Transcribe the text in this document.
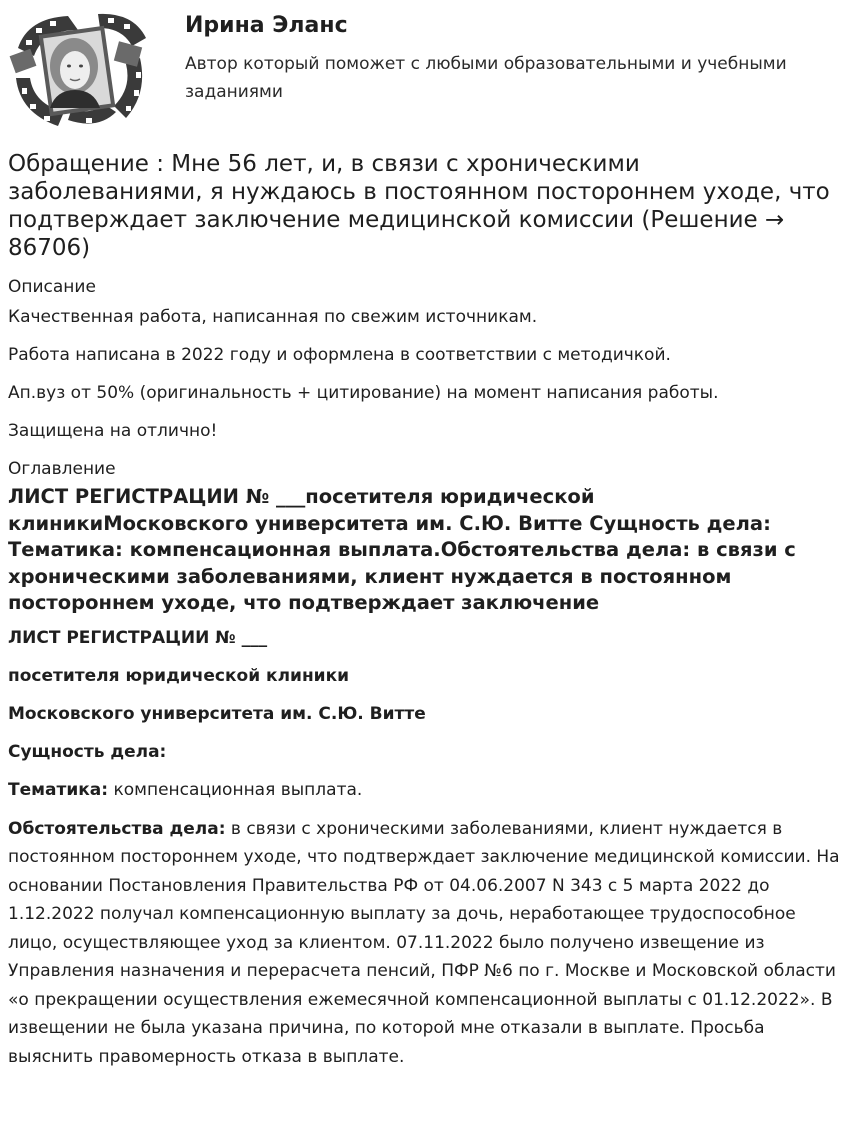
Ирина Эланс
Автор который поможет с любыми образовательными и учебными заданиями
Обращение : Мне 56 лет, и, в связи с хроническими заболеваниями, я нуждаюсь в постоянном постороннем уходе, что подтверждает заключение медицинской комиссии (Решение → 86706)
Описание

Качественная работа, написанная по свежим источникам.

Работа написана в 2022 году и оформлена в соответствии с методичкой.

Ап.вуз от 50% (оригинальность + цитирование) на момент написания работы.

Защищена на отлично!

Оглавление
ЛИСТ РЕГИСТРАЦИИ № ___посетителя юридической клиникиМосковского университета им. С.Ю. Витте Сущность дела: Тематика: компенсационная выплата.Обстоятельства дела: в связи с хроническими заболеваниями, клиент нуждается в постоянном постороннем уходе, что подтверждает заключение

ЛИСТ РЕГИСТРАЦИИ № ___

посетителя юридической клиники

Московского университета им. С.Ю. Витте

Сущность дела:

Тематика: компенсационная выплата.

Обстоятельства дела: в связи с хроническими заболеваниями, клиент нуждается в постоянном постороннем уходе, что подтверждает заключение медицинской комиссии. На основании Постановления Правительства РФ от 04.06.2007 N 343 с 5 марта 2022 до 1.12.2022 получал компенсационную выплату за дочь, неработающее трудоспособное лицо, осуществляющее уход за клиентом. 07.11.2022 было получено извещение из Управления назначения и перерасчета пенсий, ПФР №6 по г. Москве и Московской области «о прекращении осуществления ежемесячной компенсационной выплаты с 01.12.2022». В извещении не была указана причина, по которой мне отказали в выплате. Просьба выяснить правомерность отказа в выплате.
